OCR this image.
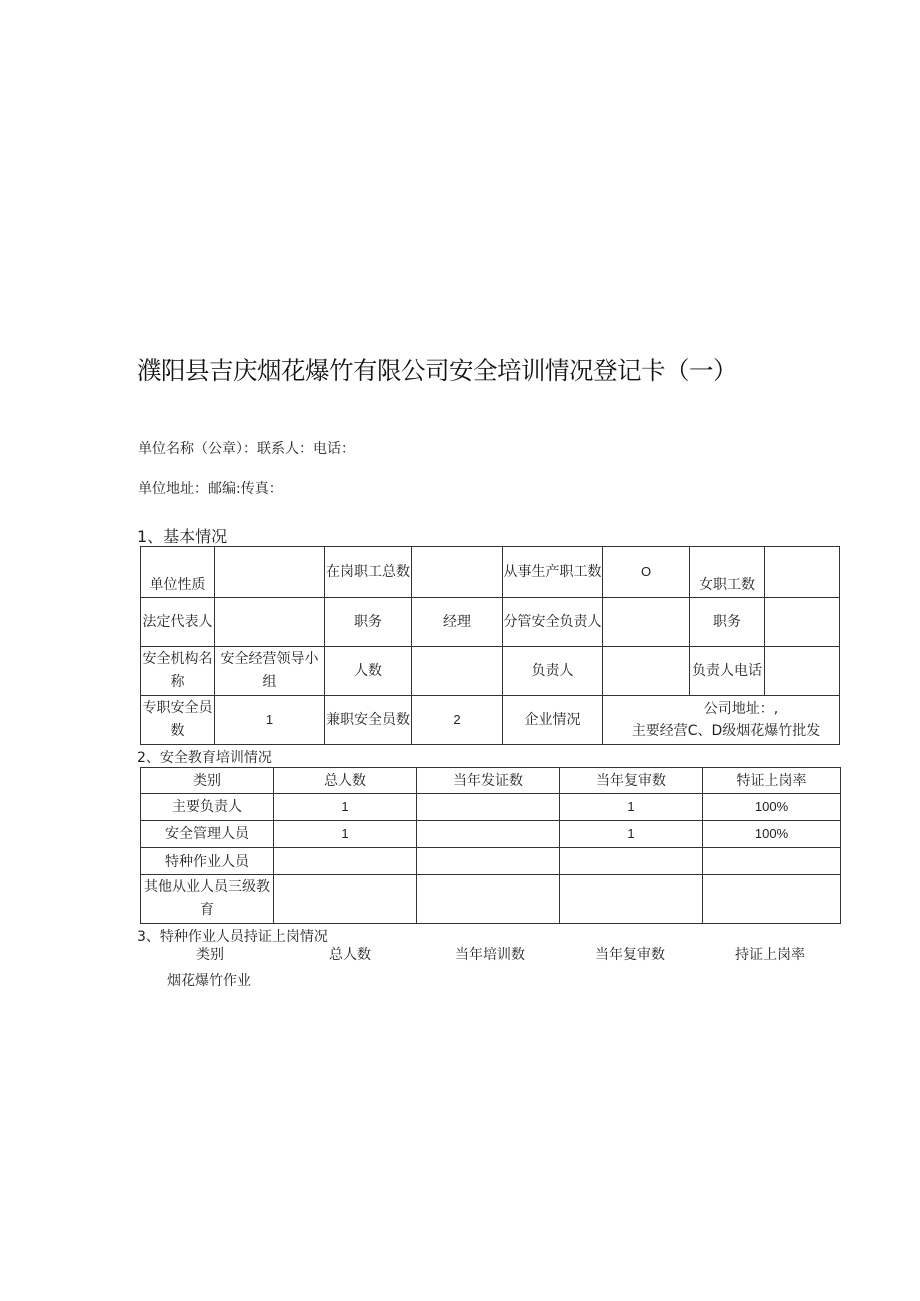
濮阳县吉庆烟花爆竹有限公司安全培训情况登记卡（一）
单位名称（公章）：联系人：电话：
单位地址：邮编:传真：
1、基本情况
单位性质		在岗职工总数		从事生产职工数	O	女职工数	
法定代表人		职务	经理	分管安全负责人		职务	
安全机构名称	安全经营领导小组	人数		负责人		负责人电话	
专职安全员数	1	兼职安全员数	2	企业情况	公司地址：,
主要经营C、D级烟花爆竹批发		
2、安全教育培训情况
类别	总人数	当年发证数	当年复审数	特证上岗率
主要负责人	1		1	100%
安全管理人员	1		1	100%
特种作业人员				
其他从业人员三级教育				
3、特种作业人员持证上岗情况
类别	总人数	当年培训数	当年复审数	持证上岗率
烟花爆竹作业				
